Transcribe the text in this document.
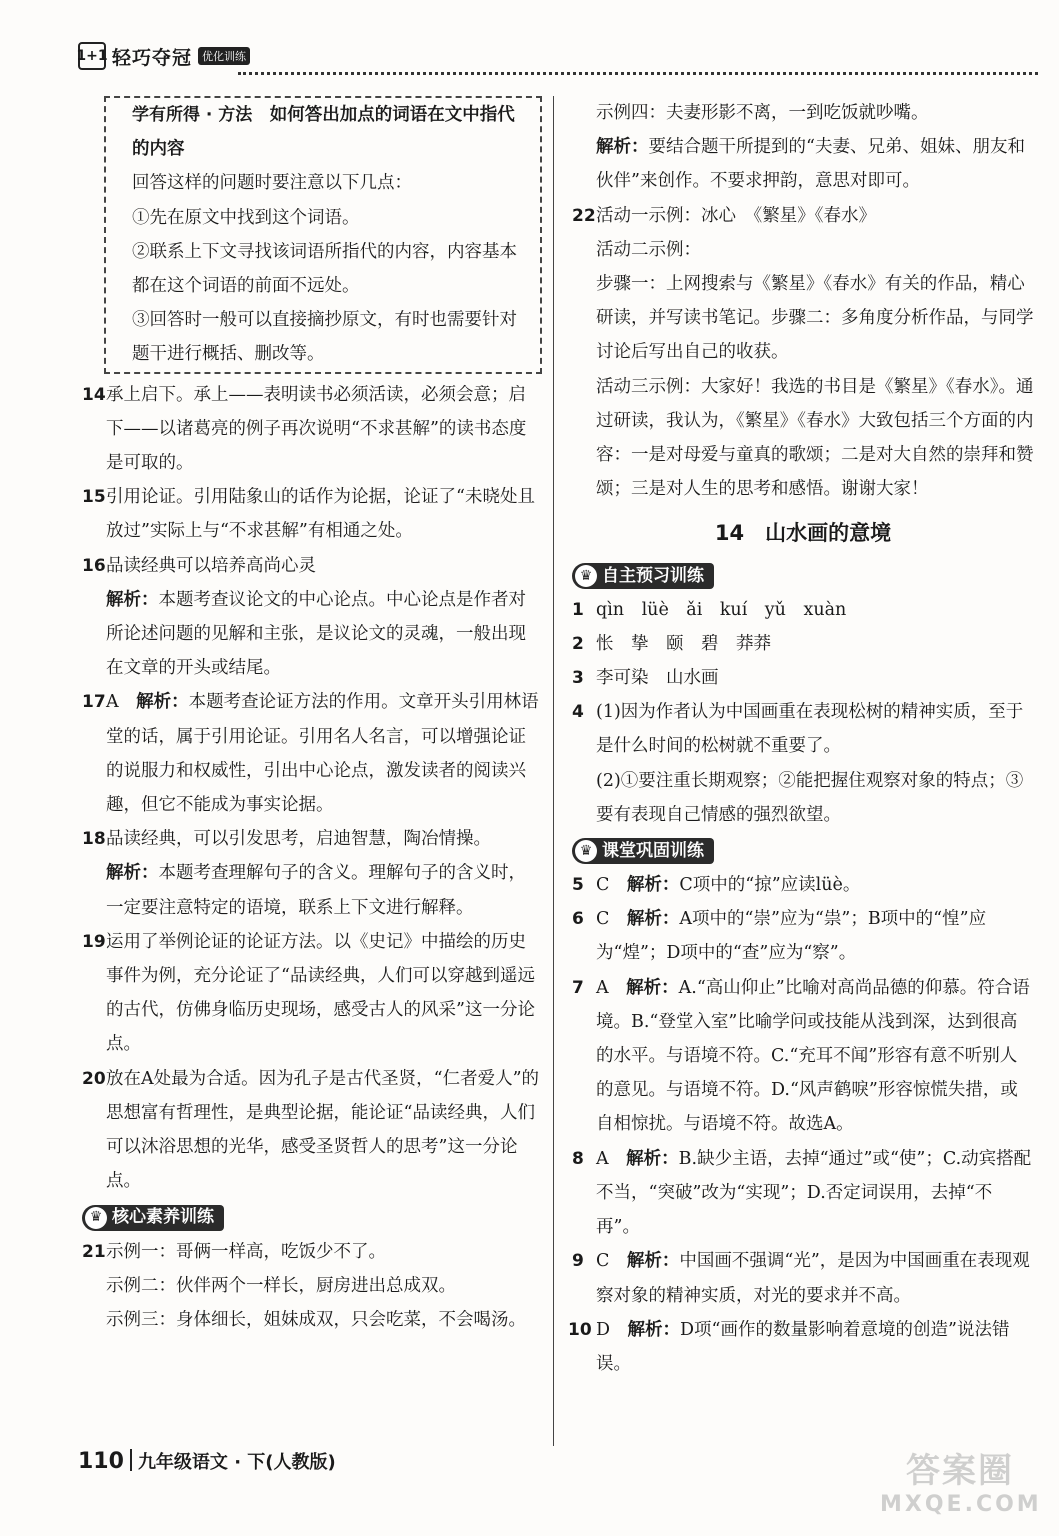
1+1 轻巧夺冠 优化训练
学有所得 · 方法　 如何答出加点的词语在文中指代的内容
回答这样的问题时要注意以下几点：
①先在原文中找到这个词语。
②联系上下文寻找该词语所指代的内容，内容基本都在这个词语的前面不远处。
③回答时一般可以直接摘抄原文，有时也需要针对题干进行概括、删改等。
14 承上启下。承上——表明读书必须活读，必须会意；启下——以诸葛亮的例子再次说明“不求甚解”的读书态度是可取的。
15 引用论证。引用陆象山的话作为论据，论证了“未晓处且放过”实际上与“不求甚解”有相通之处。
16 品读经典可以培养高尚心灵
解析：本题考查议论文的中心论点。中心论点是作者对所论述问题的见解和主张，是议论文的灵魂，一般出现在文章的开头或结尾。
17 A　 解析：本题考查论证方法的作用。文章开头引用林语堂的话，属于引用论证。引用名人名言，可以增强论证的说服力和权威性，引出中心论点，激发读者的阅读兴趣，但它不能成为事实论据。
18 品读经典，可以引发思考，启迪智慧，陶冶情操。
解析：本题考查理解句子的含义。理解句子的含义时，一定要注意特定的语境，联系上下文进行解释。
19 运用了举例论证的论证方法。以《史记》中描绘的历史事件为例，充分论证了“品读经典，人们可以穿越到遥远的古代，仿佛身临历史现场，感受古人的风采”这一分论点。
20 放在A处最为合适。因为孔子是古代圣贤，“仁者爱人”的思想富有哲理性，是典型论据，能论证“品读经典，人们可以沐浴思想的光华，感受圣贤哲人的思考”这一分论点。
♛ 核心素养训练
21 示例一：哥俩一样高，吃饭少不了。
示例二：伙伴两个一样长，厨房进出总成双。
示例三：身体细长，姐妹成双，只会吃菜，不会喝汤。
示例四：夫妻形影不离，一到吃饭就吵嘴。
解析：要结合题干所提到的“夫妻、兄弟、姐妹、朋友和伙伴”来创作。不要求押韵，意思对即可。
22 活动一示例：冰心　《繁星》《春水》
活动二示例：
步骤一：上网搜索与《繁星》《春水》有关的作品，精心研读，并写读书笔记。步骤二：多角度分析作品，与同学讨论后写出自己的收获。
活动三示例：大家好！我选的书目是《繁星》《春水》。通过研读，我认为，《繁星》《春水》大致包括三个方面的内容：一是对母爱与童真的歌颂；二是对大自然的崇拜和赞颂；三是对人生的思考和感悟。谢谢大家！
14　山水画的意境
♛ 自主预习训练
1 qìn　lüè　ǎi　kuí　yǔ　xuàn
2 怅　挚　颐　碧　莽莽
3 李可染　山水画
4 (1)因为作者认为中国画重在表现松树的精神实质，至于是什么时间的松树就不重要了。
(2)①要注重长期观察；②能把握住观察对象的特点；③要有表现自己情感的强烈欲望。
♛ 课堂巩固训练
5 C　 解析：C项中的“掠”应读lüè。
6 C　 解析：A项中的“崇”应为“祟”；B项中的“惶”应为“煌”；D项中的“查”应为“察”。
7 A　 解析：A.“高山仰止”比喻对高尚品德的仰慕。符合语境。B.“登堂入室”比喻学问或技能从浅到深，达到很高的水平。与语境不符。C.“充耳不闻”形容有意不听别人的意见。与语境不符。D.“风声鹤唳”形容惊慌失措，或自相惊扰。与语境不符。故选A。
8 A　 解析：B.缺少主语，去掉“通过”或“使”；C.动宾搭配不当，“突破”改为“实现”；D.否定词误用，去掉“不再”。
9 C　 解析：中国画不强调“光”，是因为中国画重在表现观察对象的精神实质，对光的要求并不高。
10 D　 解析：D项“画作的数量影响着意境的创造”说法错误。
110 九年级语文 · 下(人教版)	答案圈
MXQE.COM
